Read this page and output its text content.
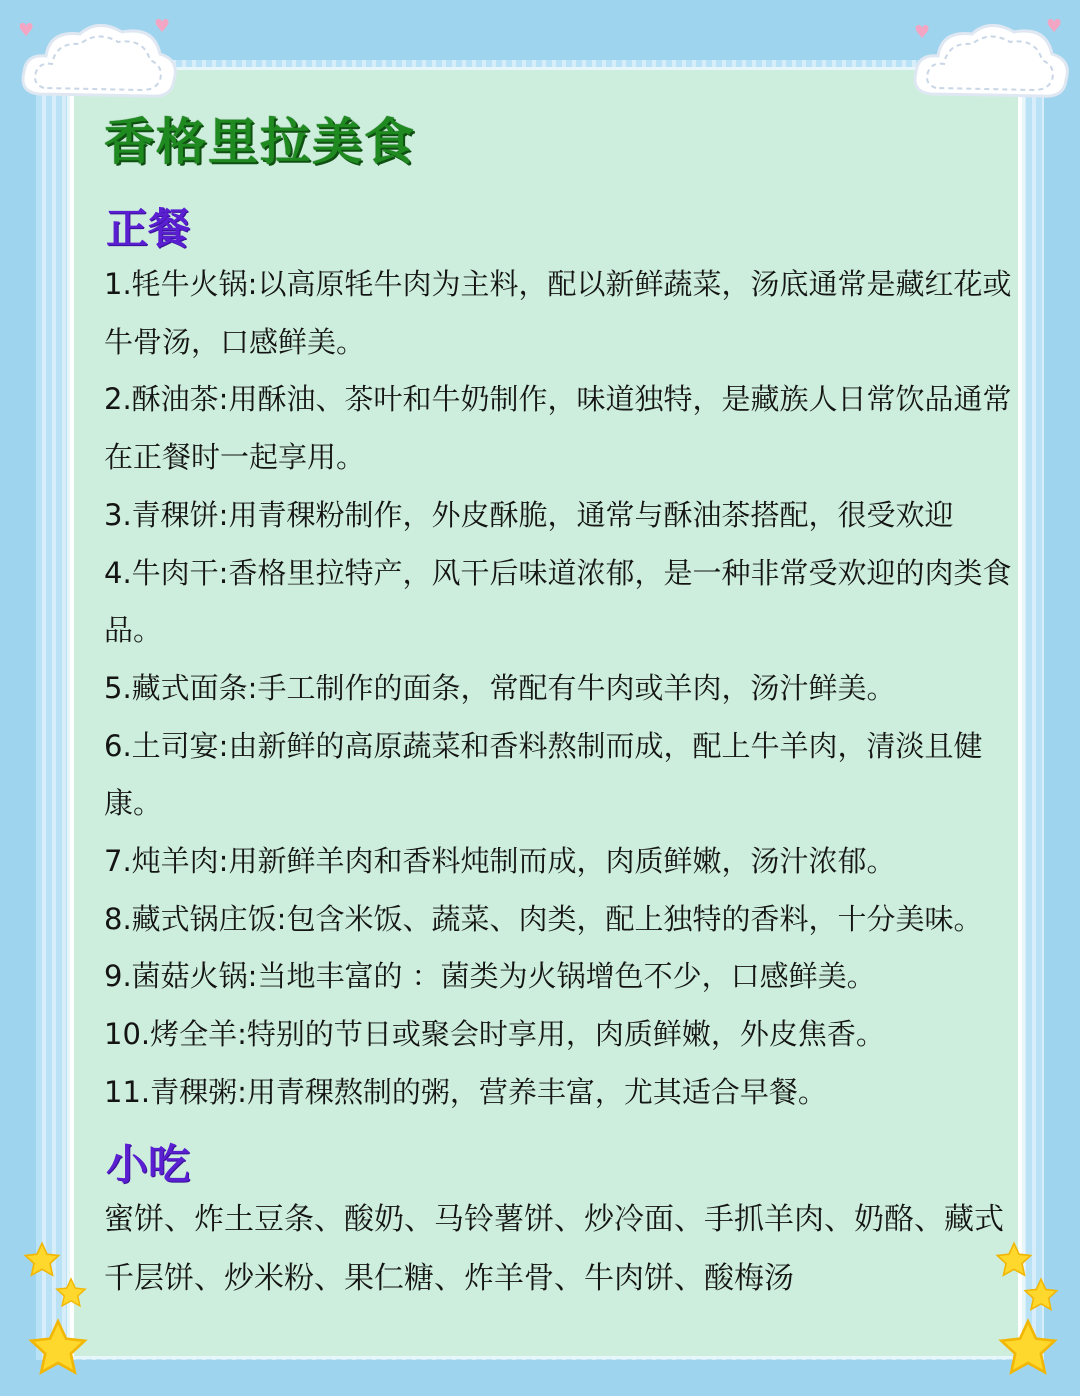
♥	♥	♥	♥
香格里拉美食
正餐
1.牦牛火锅:以高原牦牛肉为主料，配以新鲜蔬菜，汤底通常是藏红花或牛骨汤，口感鲜美。
2.酥油茶:用酥油、茶叶和牛奶制作，味道独特，是藏族人日常饮品通常在正餐时一起享用。
3.青稞饼:用青稞粉制作，外皮酥脆，通常与酥油茶搭配，很受欢迎
4.牛肉干:香格里拉特产，风干后味道浓郁，是一种非常受欢迎的肉类食品。
5.藏式面条:手工制作的面条，常配有牛肉或羊肉，汤汁鲜美。
6.土司宴:由新鲜的高原蔬菜和香料熬制而成，配上牛羊肉，清淡且健康。
7.炖羊肉:用新鲜羊肉和香料炖制而成，肉质鲜嫩，汤汁浓郁。
8.藏式锅庄饭:包含米饭、蔬菜、肉类，配上独特的香料，十分美味。
9.菌菇火锅:当地丰富的 ：菌类为火锅增色不少，口感鲜美。
10.烤全羊:特别的节日或聚会时享用，肉质鲜嫩，外皮焦香。
11.青稞粥:用青稞熬制的粥，营养丰富，尤其适合早餐。
小吃

蜜饼、炸土豆条、酸奶、马铃薯饼、炒冷面、手抓羊肉、奶酪、藏式千层饼、炒米粉、果仁糖、炸羊骨、牛肉饼、酸梅汤
